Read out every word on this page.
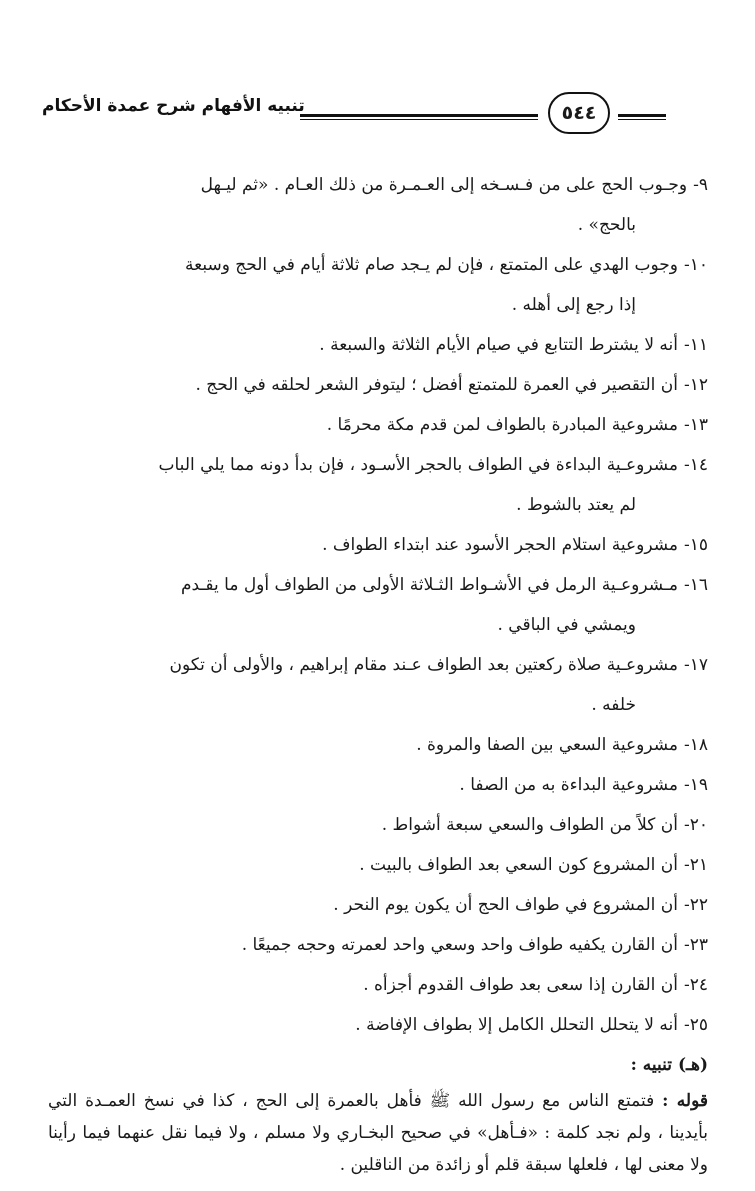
٥٤٤
تنبيه الأفهام شرح عمدة الأحكام
٩-وجـوب الحج على من فـسـخه إلى العـمـرة من ذلك العـام . «ثم ليـهل
بالحج» .
١٠-وجوب الهدي على المتمتع ، فإن لم يـجد صام ثلاثة أيام في الحج وسبعة
إذا رجع إلى أهله .
١١-أنه لا يشترط التتابع في صيام الأيام الثلاثة والسبعة .
١٢-أن التقصير في العمرة للمتمتع أفضل ؛ ليتوفر الشعر لحلقه في الحج .
١٣-مشروعية المبادرة بالطواف لمن قدم مكة محرمًا .
١٤-مشروعـية البداءة في الطواف بالحجر الأسـود ، فإن بدأ دونه مما يلي الباب
لم يعتد بالشوط .
١٥-مشروعية استلام الحجر الأسود عند ابتداء الطواف .
١٦-مـشروعـية الرمل في الأشـواط الثـلاثة الأولى من الطواف أول ما يقـدم
ويمشي في الباقي .
١٧-مشروعـية صلاة ركعتين بعد الطواف عـند مقام إبراهيم ، والأولى أن تكون
خلفه .
١٨-مشروعية السعي بين الصفا والمروة .
١٩-مشروعية البداءة به من الصفا .
٢٠-أن كلاً من الطواف والسعي سبعة أشواط .
٢١-أن المشروع كون السعي بعد الطواف بالبيت .
٢٢-أن المشروع في طواف الحج أن يكون يوم النحر .
٢٣-أن القارن يكفيه طواف واحد وسعي واحد لعمرته وحجه جميعًا .
٢٤-أن القارن إذا سعى بعد طواف القدوم أجزأه .
٢٥-أنه لا يتحلل التحلل الكامل إلا بطواف الإفاضة .
(هـ) تنبيه :

قوله : فتمتع الناس مع رسول الله ﷺ فأهل بالعمرة إلى الحج ، كذا في نسخ العمـدة التي بأيدينا ، ولم نجد كلمة : «فـأهل» في صحيح البخـاري ولا مسلم ، ولا فيما نقل عنهما فيما رأينا ولا معنى لها ، فلعلها سبقة قلم أو زائدة من الناقلين .
